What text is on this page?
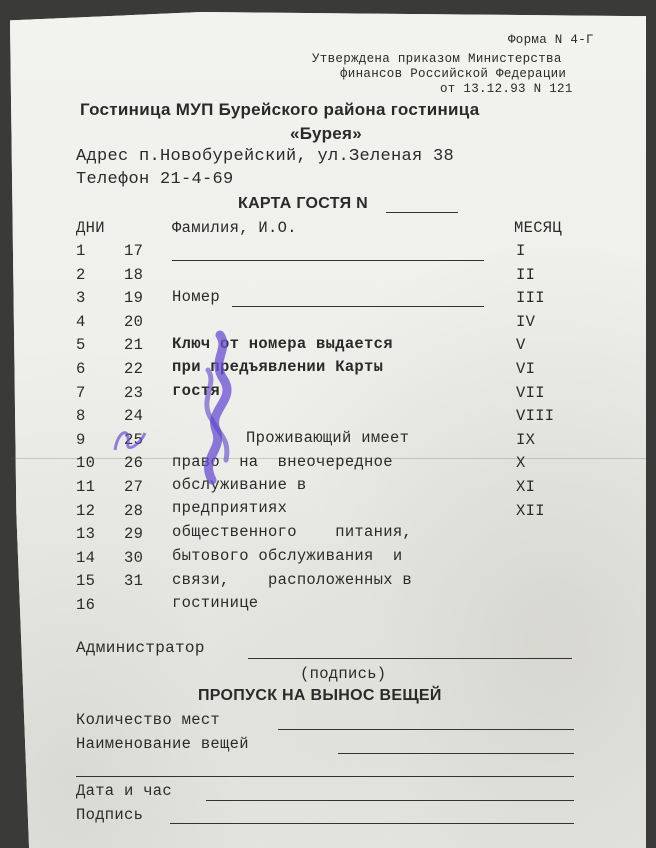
Форма N 4-Г
Утверждена приказом Министерства
финансов Российской Федерации
от 13.12.93 N 121
Гостиница МУП Бурейского района гостиница
«Бурея»
Адрес п.Новобурейский, ул.Зеленая 38
Телефон 21-4-69
КАРТА ГОСТЯ N
ДНИ	Фамилия, И.О.	МЕСЯЦ
1 17	I
2 18	II
3 19	III
4 20	IV
5 21	V
6 22	VI
7 23	VII
8 24	VIII
9 25	IX
10 26	X
11 27	XI
12 28	XII
13 29
14 30
15 31
16
Номер
Ключ от номера выдается
при предъявлении Карты
гостя
Проживающий имеет
право  на  внеочередное
обслуживание в
предприятиях
общественного    питания,
бытового обслуживания  и
связи,    расположенных в
гостинице
Администратор
(подпись)
ПРОПУСК НА ВЫНОС ВЕЩЕЙ
Количество мест
Наименование вещей
Дата и час
Подпись
